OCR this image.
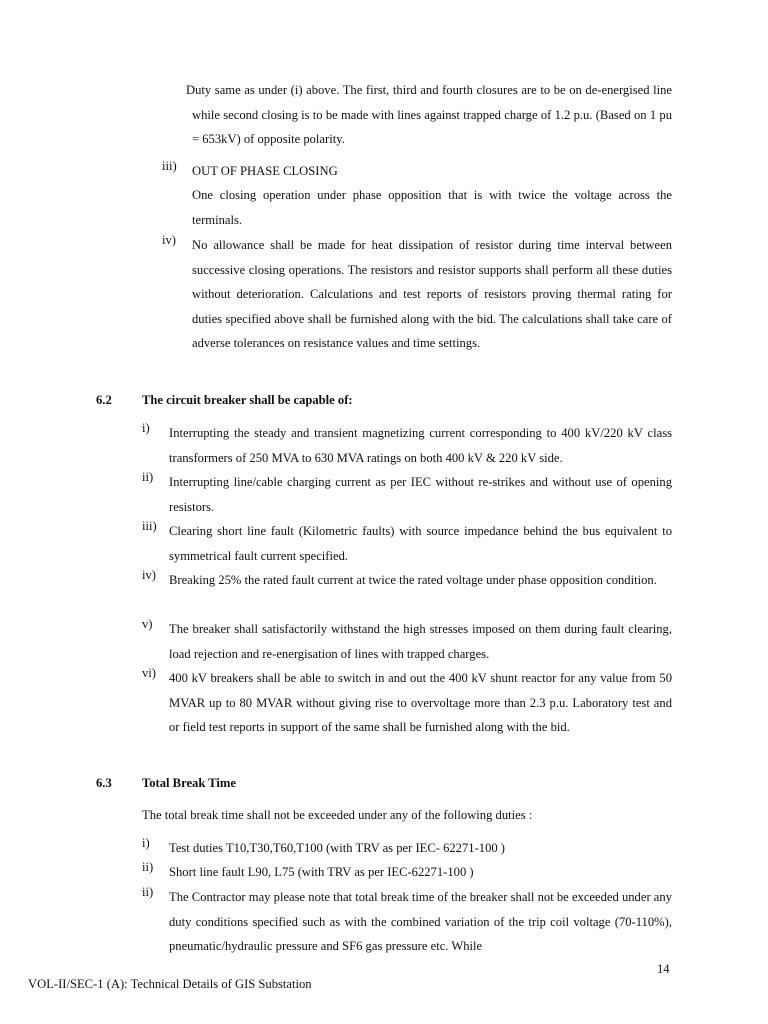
Duty same as under (i) above. The first, third and fourth closures are to be on de-energised line while second closing is to be made with lines against trapped charge of 1.2 p.u. (Based on 1 pu = 653kV) of opposite polarity.

iii) OUT OF PHASE CLOSING

One closing operation under phase opposition that is with twice the voltage across the terminals.

iv) No allowance shall be made for heat dissipation of resistor during time interval between successive closing operations. The resistors and resistor supports shall perform all these duties without deterioration. Calculations and test reports of resistors proving thermal rating for duties specified above shall be furnished along with the bid. The calculations shall take care of adverse tolerances on resistance values and time settings.

6.2 The circuit breaker shall be capable of:
i) Interrupting the steady and transient magnetizing current corresponding to 400 kV/220 kV class transformers of 250 MVA to 630 MVA ratings on both 400 kV & 220 kV side.

ii) Interrupting line/cable charging current as per IEC without re-strikes and without use of opening resistors.

iii) Clearing short line fault (Kilometric faults) with source impedance behind the bus equivalent to symmetrical fault current specified.

iv) Breaking 25% the rated fault current at twice the rated voltage under phase opposition condition.

v) The breaker shall satisfactorily withstand the high stresses imposed on them during fault clearing, load rejection and re-energisation of lines with trapped charges.

vi) 400 kV breakers shall be able to switch in and out the 400 kV shunt reactor for any value from 50 MVAR up to 80 MVAR without giving rise to overvoltage more than 2.3 p.u. Laboratory test and or field test reports in support of the same shall be furnished along with the bid.

6.3 Total Break Time
The total break time shall not be exceeded under any of the following duties :
i) Test duties T10,T30,T60,T100 (with TRV as per IEC- 62271-100 )

ii) Short line fault L90, L75 (with TRV as per IEC-62271-100 )

ii) The Contractor may please note that total break time of the breaker shall not be exceeded under any duty conditions specified such as with the combined variation of the trip coil voltage (70-110%), pneumatic/hydraulic pressure and SF6 gas pressure etc. While

14
VOL-II/SEC-1 (A): Technical Details of GIS Substation
